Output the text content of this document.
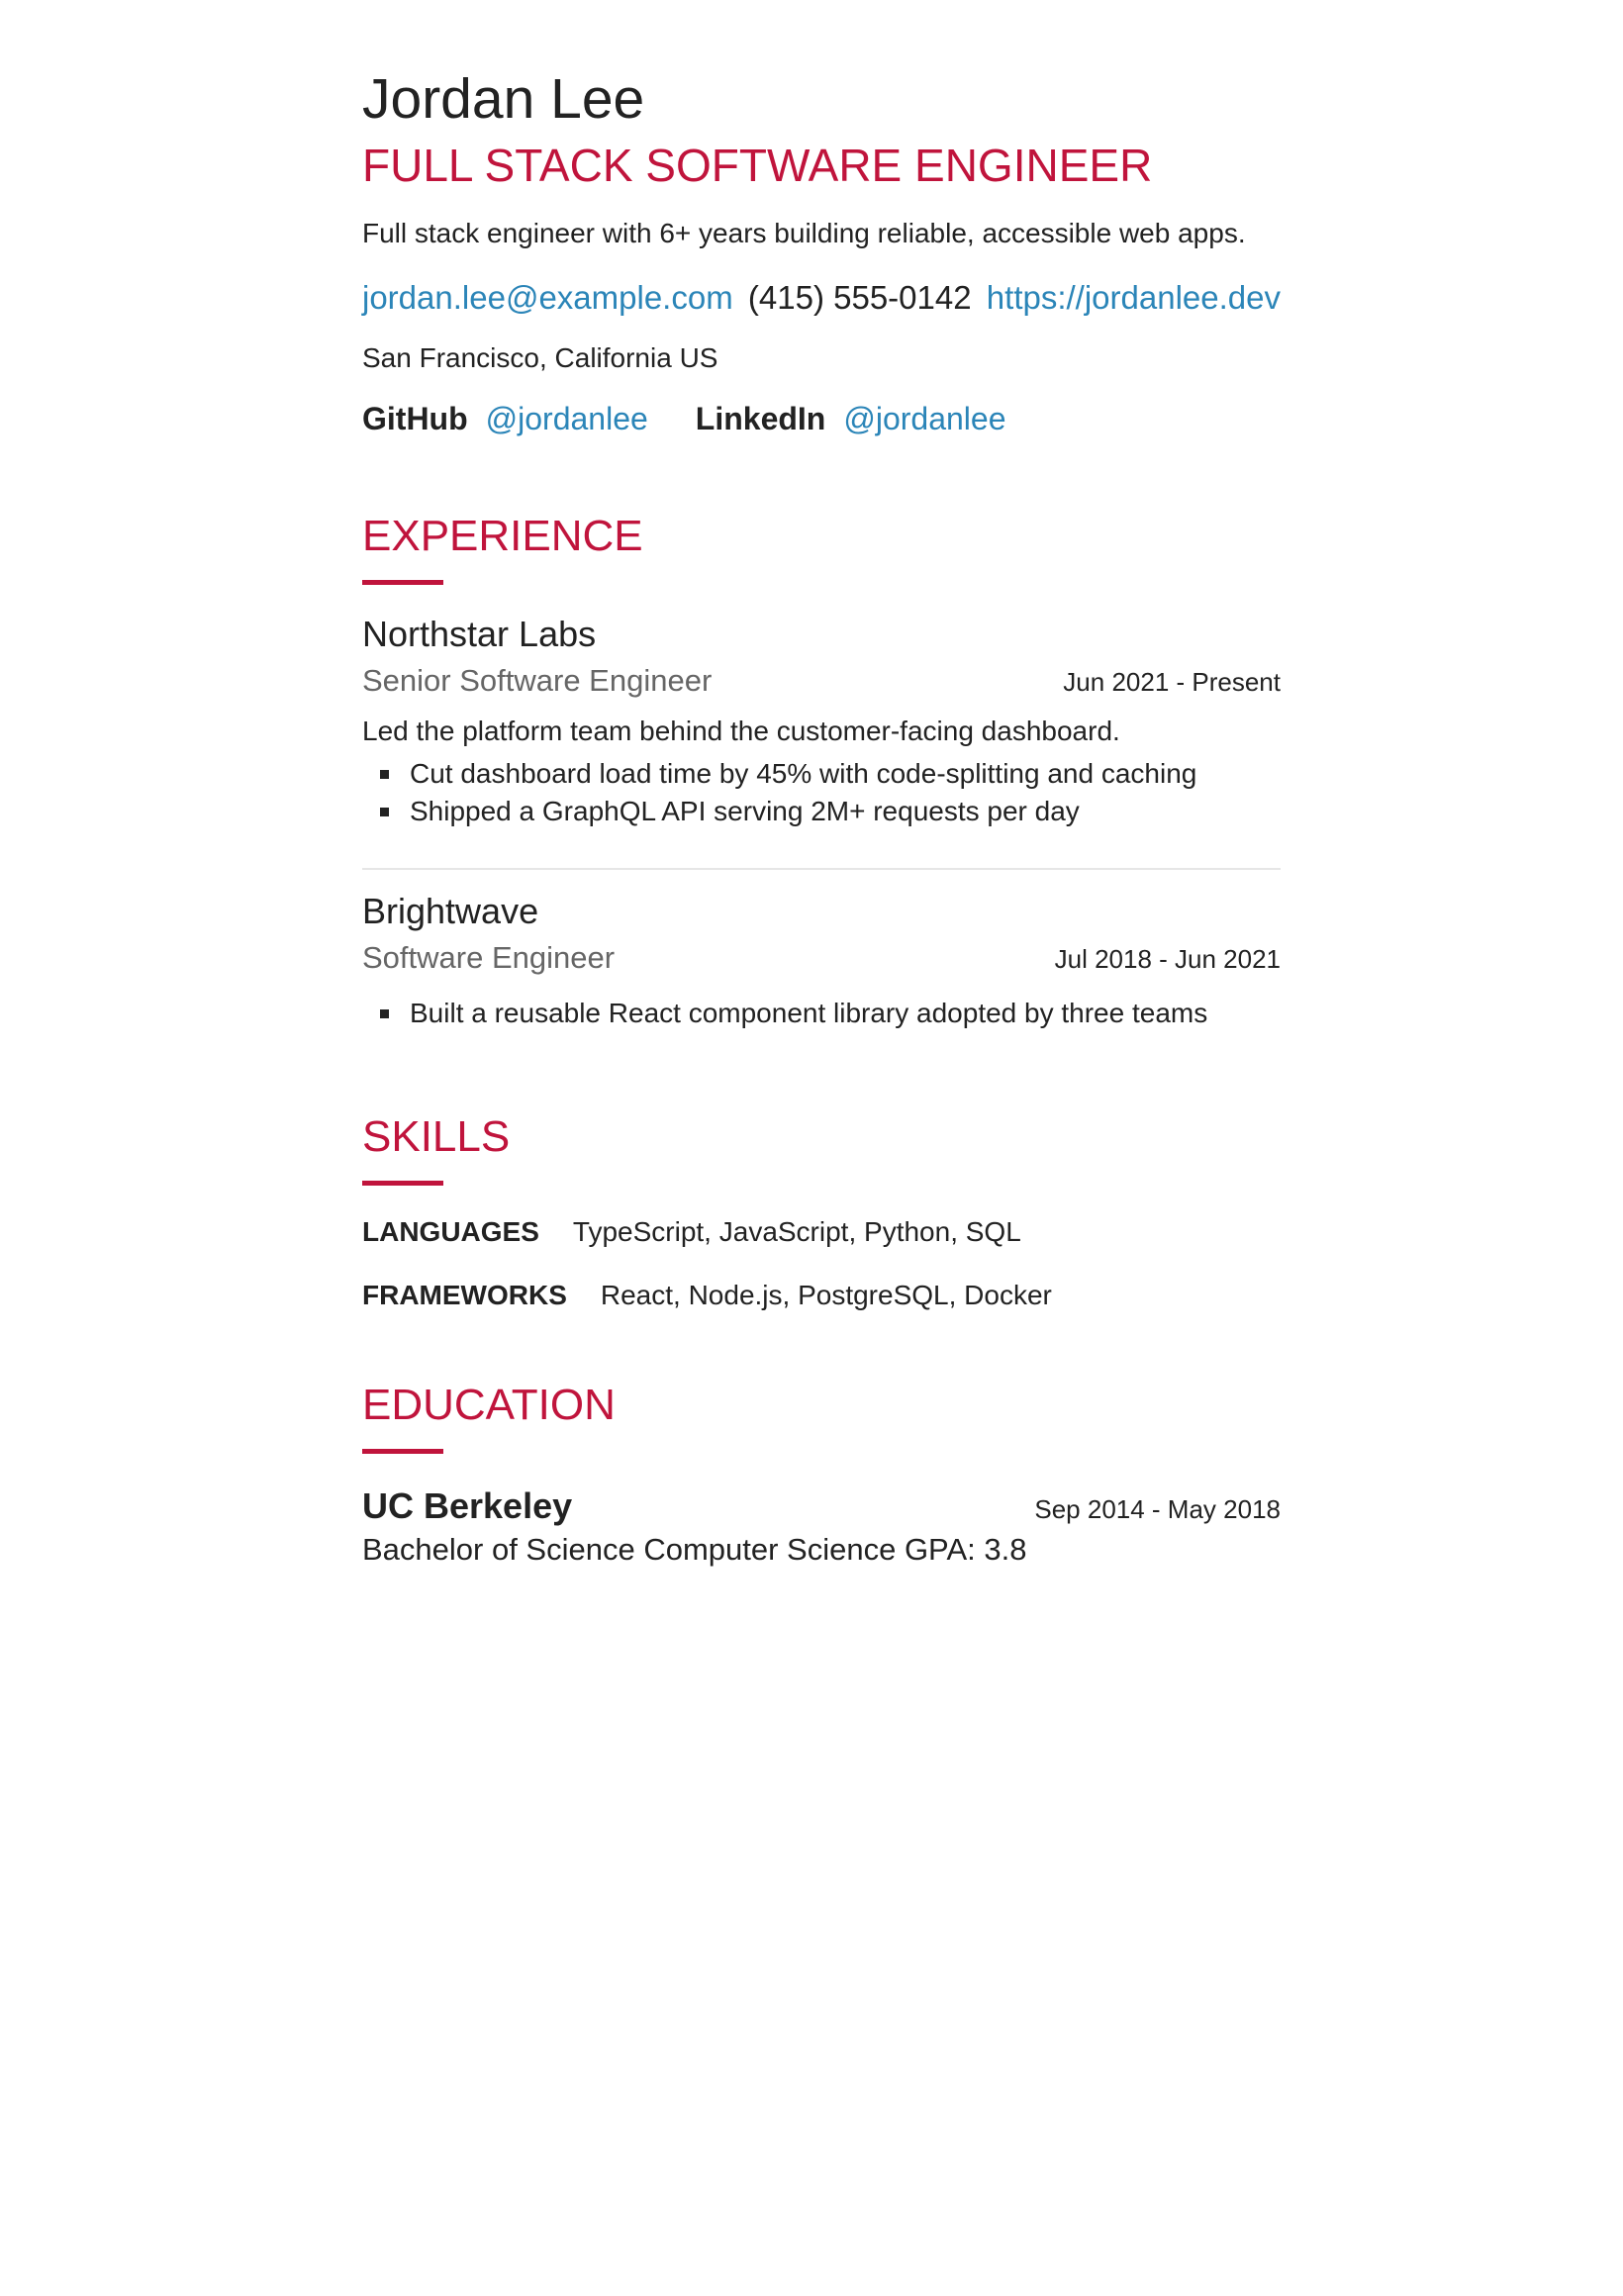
Jordan Lee
FULL STACK SOFTWARE ENGINEER
Full stack engineer with 6+ years building reliable, accessible web apps.
jordan.lee@example.com (415) 555-0142 https://jordanlee.dev
San Francisco, California US
GitHub @jordanlee LinkedIn @jordanlee
EXPERIENCE
Northstar Labs
Senior Software Engineer	Jun 2021 - Present
Led the platform team behind the customer-facing dashboard.
Cut dashboard load time by 45% with code-splitting and caching
Shipped a GraphQL API serving 2M+ requests per day
Brightwave
Software Engineer	Jul 2018 - Jun 2021
Built a reusable React component library adopted by three teams
SKILLS
LANGUAGES TypeScript, JavaScript, Python, SQL
FRAMEWORKS React, Node.js, PostgreSQL, Docker
EDUCATION
UC Berkeley	Sep 2014 - May 2018
Bachelor of Science Computer Science GPA: 3.8
